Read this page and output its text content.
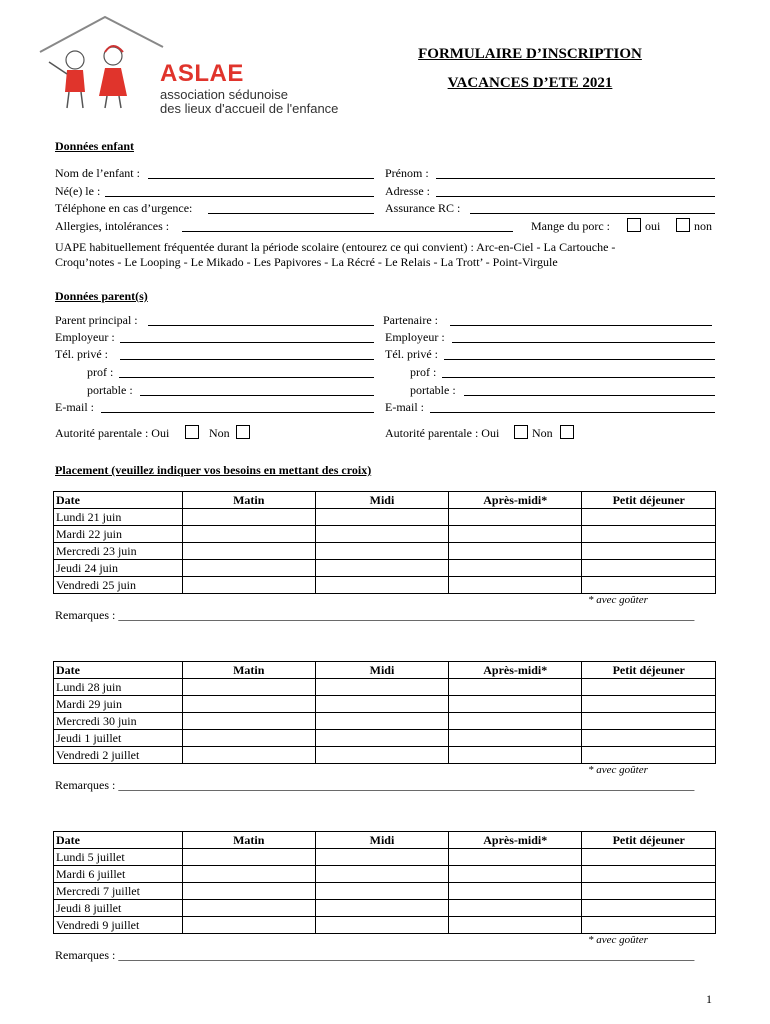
ASLAE
association sédunoise
des lieux d'accueil de l'enfance
FORMULAIRE D’INSCRIPTION
VACANCES D’ETE 2021
Données enfant
Nom de l’enfant :	Prénom :
Né(e) le :	Adresse :
Téléphone en cas d’urgence:	Assurance RC :
Allergies, intolérances :	Mange du porc :	oui	non
UAPE habituellement fréquentée durant la période scolaire (entourez ce qui convient) : Arc-en-Ciel - La Cartouche -
Croqu’notes - Le Looping - Le Mikado - Les Papivores - La Récré - Le Relais - La Trott’ - Point-Virgule
Données parent(s)
Parent principal :	Partenaire :
Employeur :	Employeur :
Tél. privé :	Tél. privé :
prof :	prof :
portable :	portable :
E-mail :	E-mail :
Autorité parentale : Oui	Non	Autorité parentale : Oui	Non
Placement (veuillez indiquer vos besoins en mettant des croix)
Date	Matin	Midi	Après-midi*	Petit déjeuner
Lundi 21 juin				
Mardi 22 juin				
Mercredi 23 juin				
Jeudi 24 juin				
Vendredi 25 juin				
* avec goûter
Remarques : ________________________________________________________________________________________________
Date	Matin	Midi	Après-midi*	Petit déjeuner
Lundi 28 juin				
Mardi 29 juin				
Mercredi 30 juin				
Jeudi 1 juillet				
Vendredi 2 juillet				
* avec goûter
Remarques : ________________________________________________________________________________________________
Date	Matin	Midi	Après-midi*	Petit déjeuner
Lundi 5 juillet				
Mardi 6 juillet				
Mercredi 7 juillet				
Jeudi 8 juillet				
Vendredi 9 juillet				
* avec goûter
Remarques : ________________________________________________________________________________________________
1
